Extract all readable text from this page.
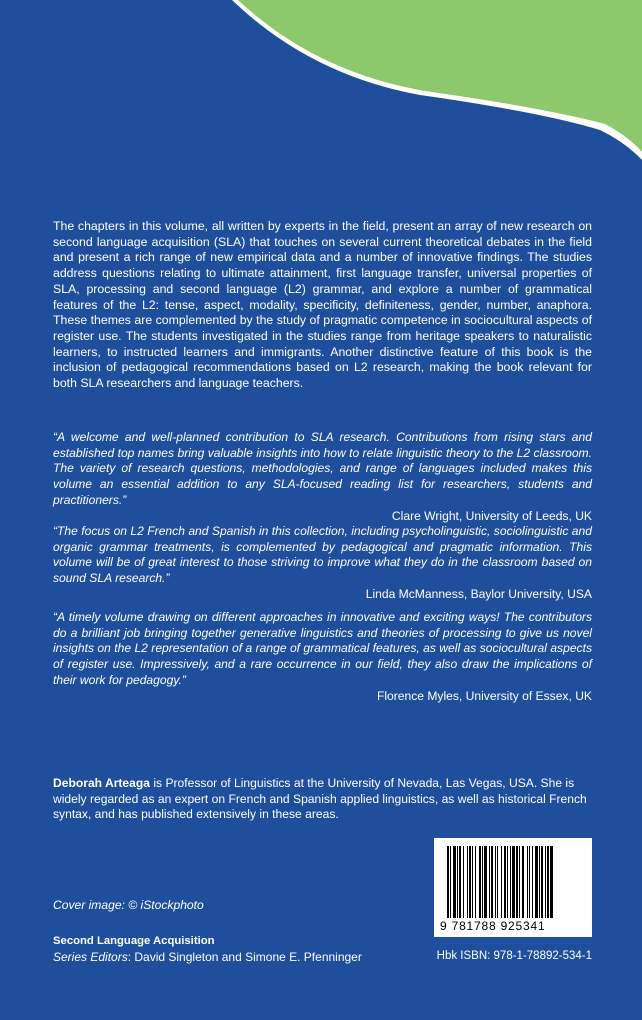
The chapters in this volume, all written by experts in the field, present an array of new research on second language acquisition (SLA) that touches on several current theoretical debates in the field and present a rich range of new empirical data and a number of innovative findings. The studies address questions relating to ultimate attainment, first language transfer, universal properties of SLA, processing and second language (L2) grammar, and explore a number of grammatical features of the L2: tense, aspect, modality, specificity, definiteness, gender, number, anaphora. These themes are complemented by the study of pragmatic competence in sociocultural aspects of register use. The students investigated in the studies range from heritage speakers to naturalistic learners, to instructed learners and immigrants. Another distinctive feature of this book is the inclusion of pedagogical recommendations based on L2 research, making the book relevant for both SLA researchers and language teachers.

“A welcome and well-planned contribution to SLA research. Contributions from rising stars and established top names bring valuable insights into how to relate linguistic theory to the L2 classroom. The variety of research questions, methodologies, and range of languages included makes this volume an essential addition to any SLA-focused reading list for researchers, students and practitioners.”

Clare Wright, University of Leeds, UK

“The focus on L2 French and Spanish in this collection, including psycholinguistic, sociolinguistic and organic grammar treatments, is complemented by pedagogical and pragmatic information. This volume will be of great interest to those striving to improve what they do in the classroom based on sound SLA research.”

Linda McManness, Baylor University, USA

“A timely volume drawing on different approaches in innovative and exciting ways! The contributors do a brilliant job bringing together generative linguistics and theories of processing to give us novel insights on the L2 representation of a range of grammatical features, as well as sociocultural aspects of register use. Impressively, and a rare occurrence in our field, they also draw the implications of their work for pedagogy.”

Florence Myles, University of Essex, UK

Deborah Arteaga is Professor of Linguistics at the University of Nevada, Las Vegas, USA. She is widely regarded as an expert on French and Spanish applied linguistics, as well as historical French syntax, and has published extensively in these areas.

Cover image: © iStockphoto
Second Language Acquisition
Series Editors: David Singleton and Simone E. Pfenninger
9 781788 925341
Hbk ISBN: 978-1-78892-534-1
